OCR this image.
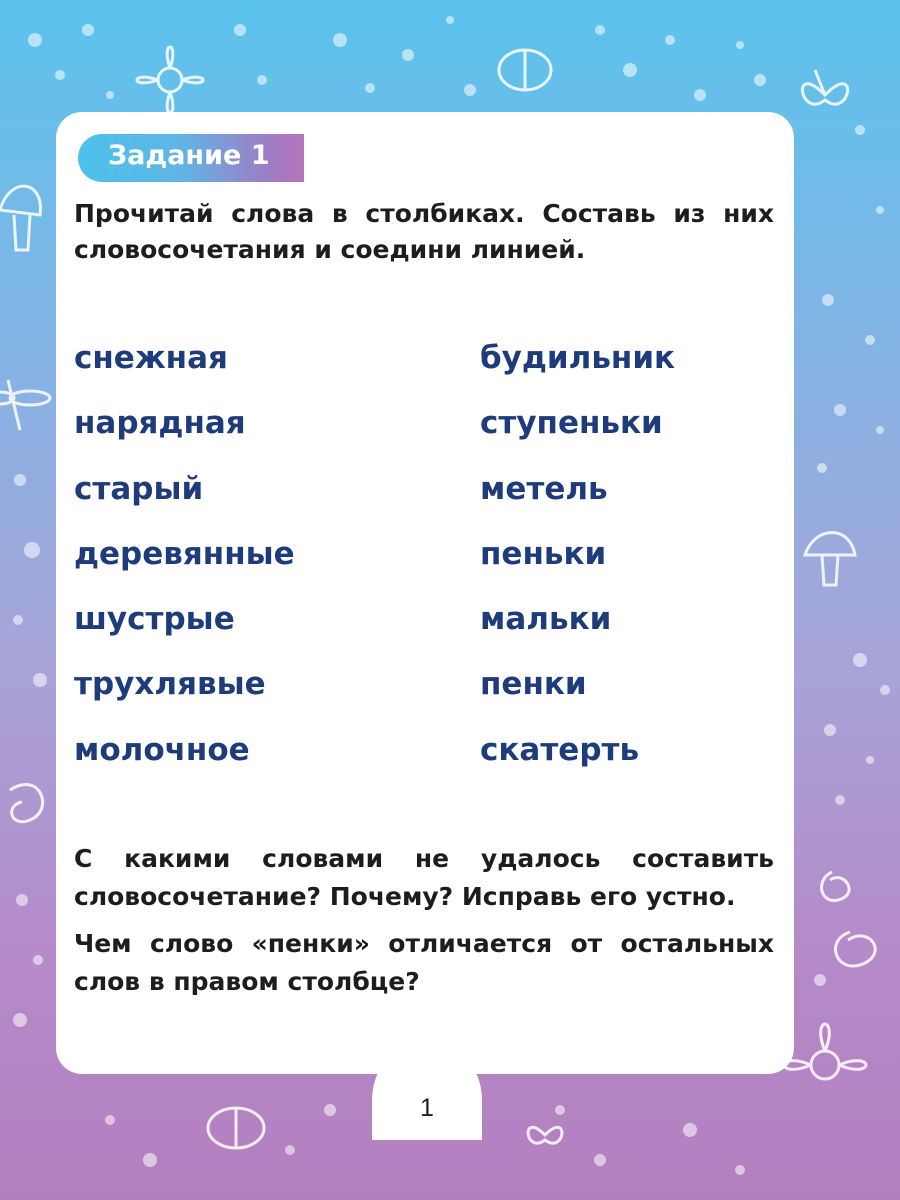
Задание 1

Прочитай слова в столбиках. Составь из них словосочетания и соедини линией.

снежная

нарядная

старый

деревянные

шустрые

трухлявые

молочное

будильник

ступеньки

метель

пеньки

мальки

пенки

скатерть

С какими словами не удалось составить словосочетание? Почему? Исправь его устно.

Чем слово «пенки» отличается от остальных слов в правом столбце?

1
